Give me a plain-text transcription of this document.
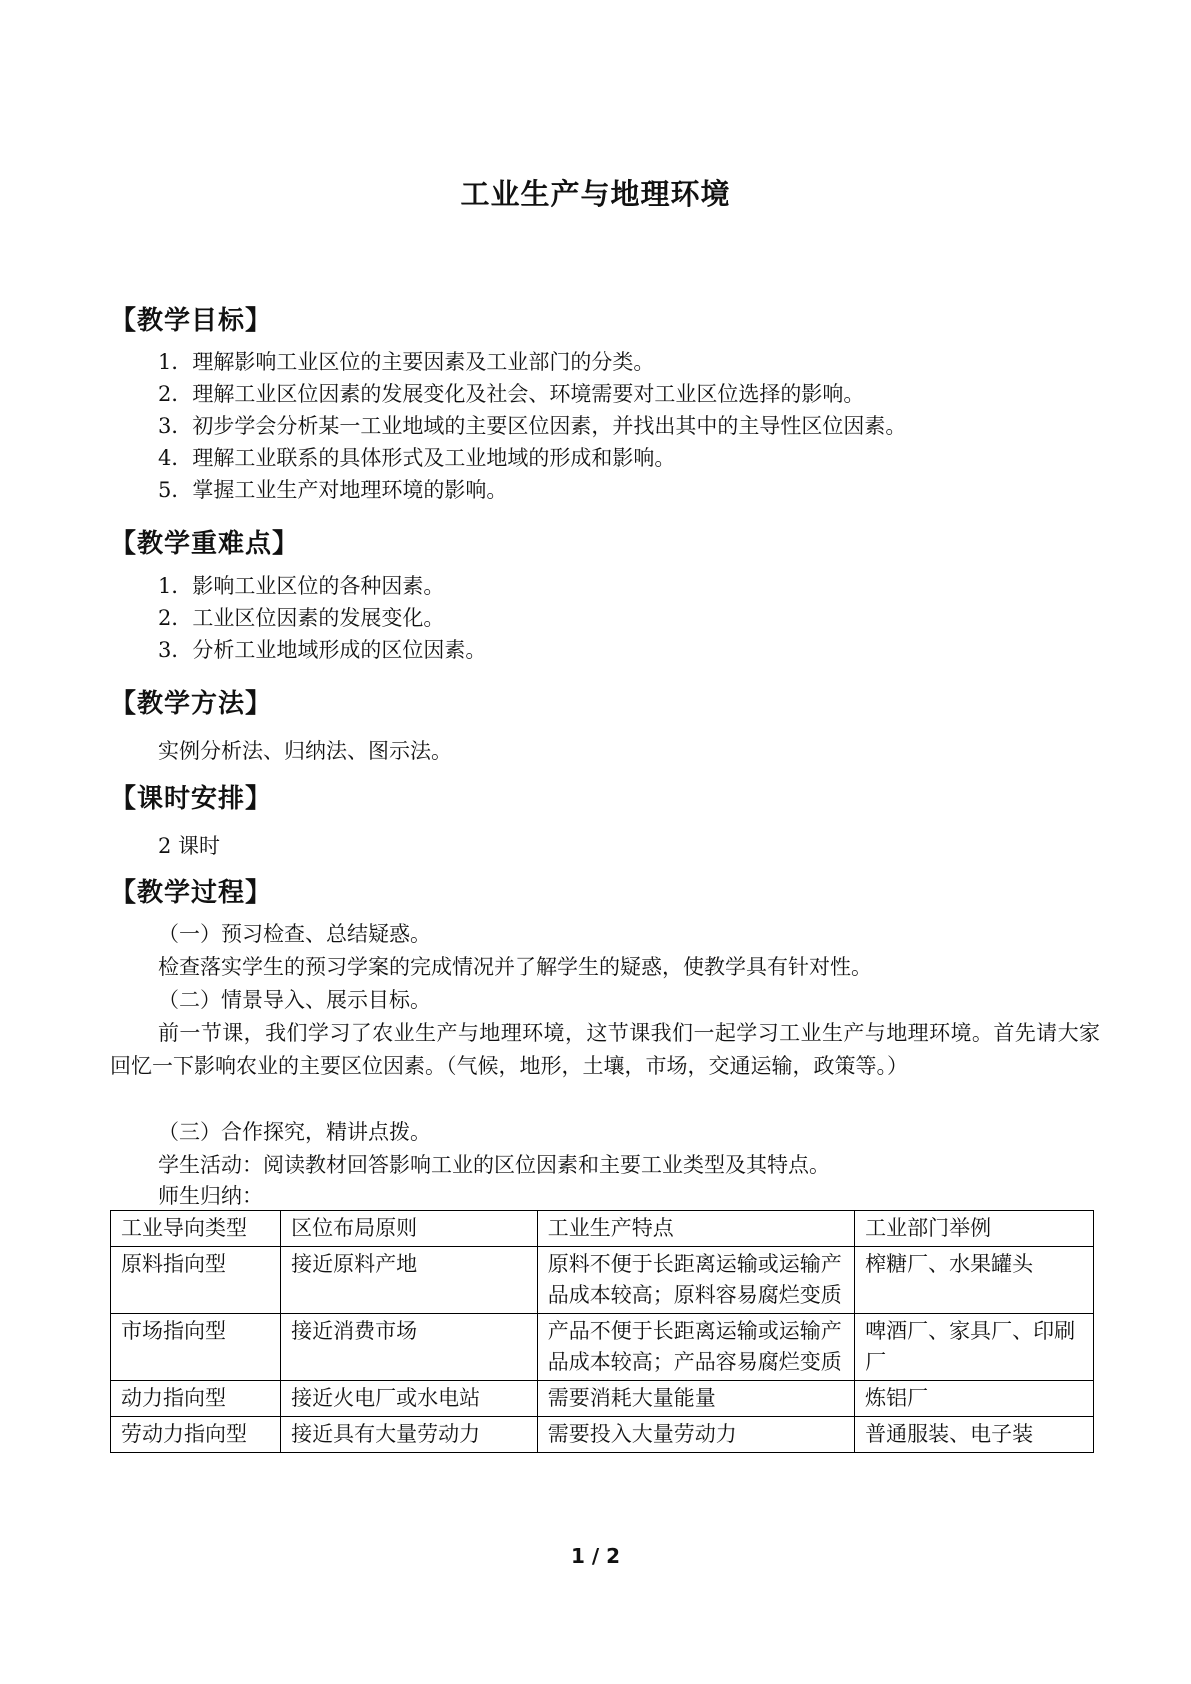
工业生产与地理环境
【教学目标】
1．理解影响工业区位的主要因素及工业部门的分类。
2．理解工业区位因素的发展变化及社会、环境需要对工业区位选择的影响。
3．初步学会分析某一工业地域的主要区位因素，并找出其中的主导性区位因素。
4．理解工业联系的具体形式及工业地域的形成和影响。
5．掌握工业生产对地理环境的影响。
【教学重难点】
1．影响工业区位的各种因素。
2．工业区位因素的发展变化。
3．分析工业地域形成的区位因素。
【教学方法】
实例分析法、归纳法、图示法。
【课时安排】
2 课时
【教学过程】
（一）预习检查、总结疑惑。
检查落实学生的预习学案的完成情况并了解学生的疑惑，使教学具有针对性。
（二）情景导入、展示目标。
前一节课，我们学习了农业生产与地理环境，这节课我们一起学习工业生产与地理环境。首先请大家回忆一下影响农业的主要区位因素。（气候，地形，土壤，市场，交通运输，政策等。）
（三）合作探究，精讲点拨。
学生活动：阅读教材回答影响工业的区位因素和主要工业类型及其特点。
师生归纳：
工业导向类型	区位布局原则	工业生产特点	工业部门举例
原料指向型	接近原料产地	原料不便于长距离运输或运输产品成本较高；原料容易腐烂变质	榨糖厂、水果罐头
市场指向型	接近消费市场	产品不便于长距离运输或运输产品成本较高；产品容易腐烂变质	啤酒厂、家具厂、印刷厂
动力指向型	接近火电厂或水电站	需要消耗大量能量	炼铝厂
劳动力指向型	接近具有大量劳动力	需要投入大量劳动力	普通服装、电子装
1 / 2
